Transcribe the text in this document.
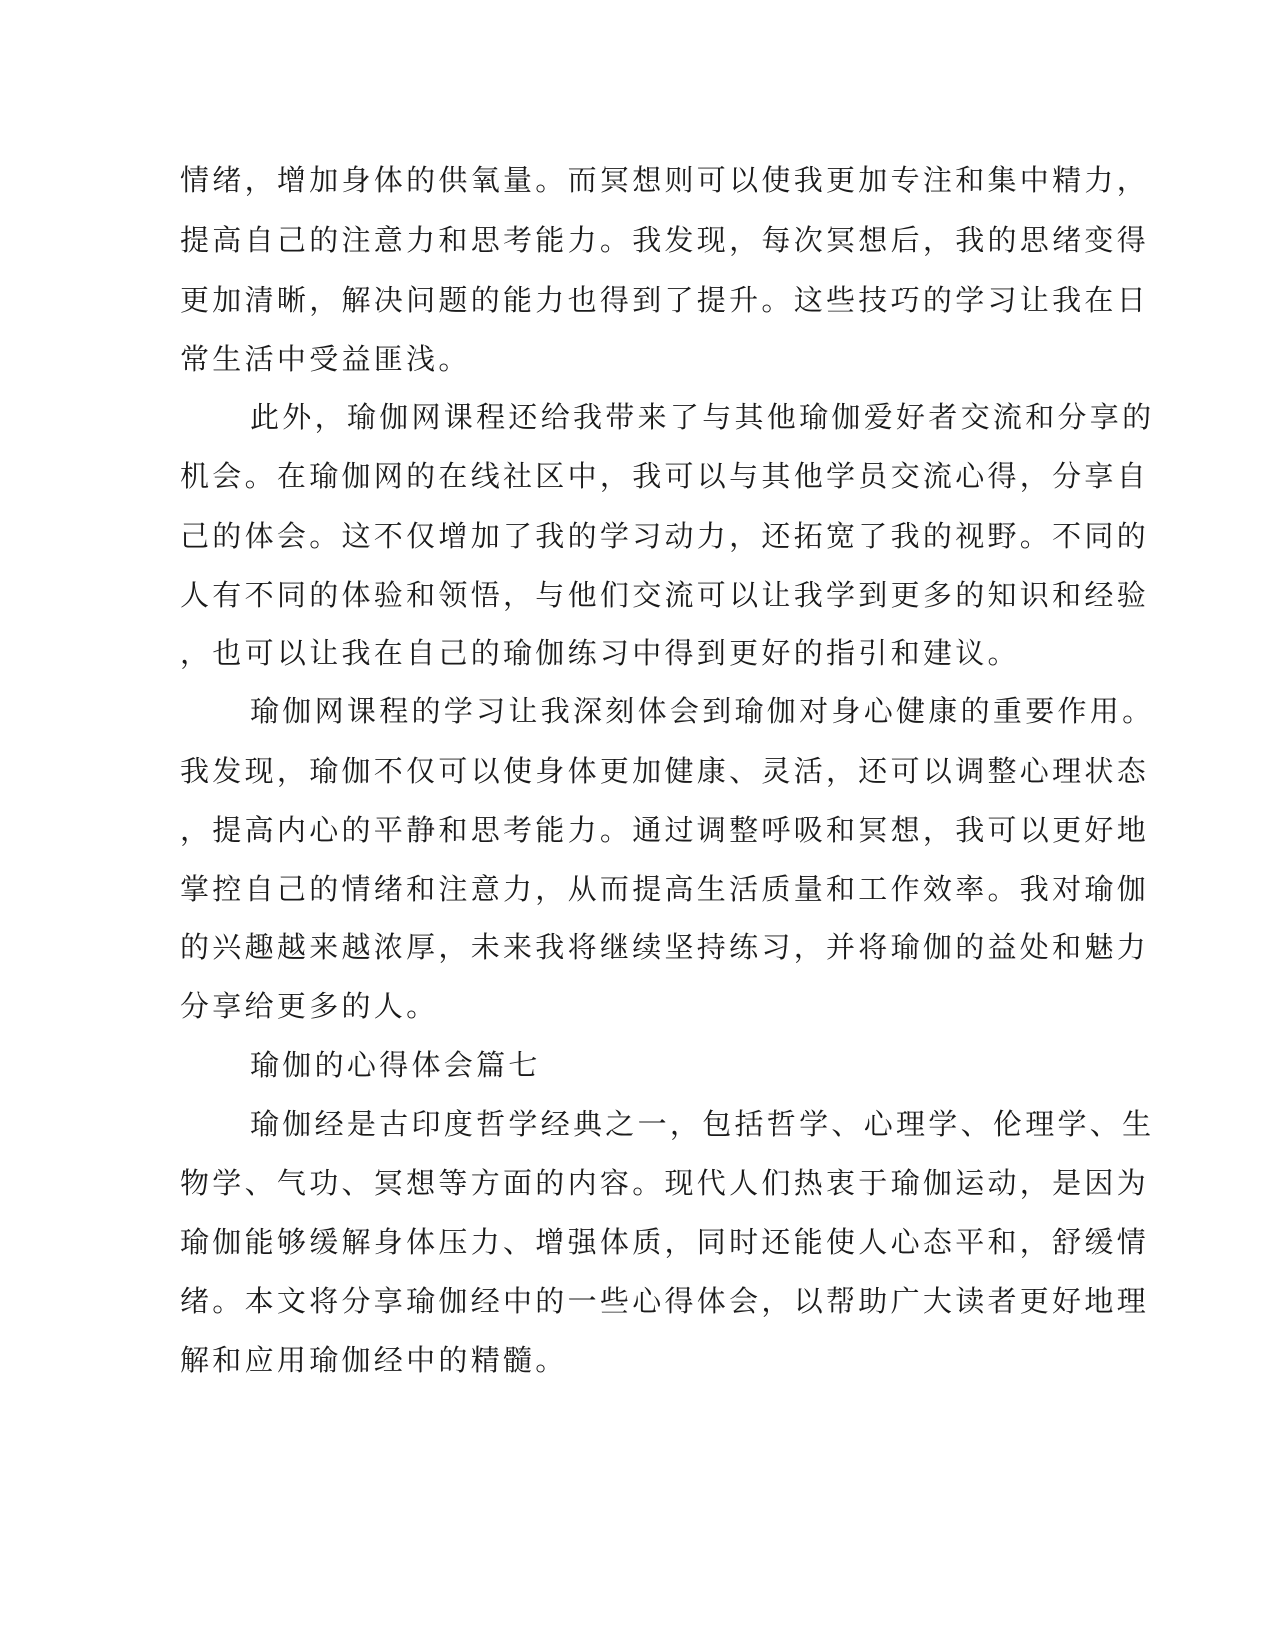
情绪，增加身体的供氧量。而冥想则可以使我更加专注和集中精力，
提高自己的注意力和思考能力。我发现，每次冥想后，我的思绪变得
更加清晰，解决问题的能力也得到了提升。这些技巧的学习让我在日
常生活中受益匪浅。
此外，瑜伽网课程还给我带来了与其他瑜伽爱好者交流和分享的
机会。在瑜伽网的在线社区中，我可以与其他学员交流心得，分享自
己的体会。这不仅增加了我的学习动力，还拓宽了我的视野。不同的
人有不同的体验和领悟，与他们交流可以让我学到更多的知识和经验
，也可以让我在自己的瑜伽练习中得到更好的指引和建议。
瑜伽网课程的学习让我深刻体会到瑜伽对身心健康的重要作用。
我发现，瑜伽不仅可以使身体更加健康、灵活，还可以调整心理状态
，提高内心的平静和思考能力。通过调整呼吸和冥想，我可以更好地
掌控自己的情绪和注意力，从而提高生活质量和工作效率。我对瑜伽
的兴趣越来越浓厚，未来我将继续坚持练习，并将瑜伽的益处和魅力
分享给更多的人。
瑜伽的心得体会篇七
瑜伽经是古印度哲学经典之一，包括哲学、心理学、伦理学、生
物学、气功、冥想等方面的内容。现代人们热衷于瑜伽运动，是因为
瑜伽能够缓解身体压力、增强体质，同时还能使人心态平和，舒缓情
绪。本文将分享瑜伽经中的一些心得体会，以帮助广大读者更好地理
解和应用瑜伽经中的精髓。
